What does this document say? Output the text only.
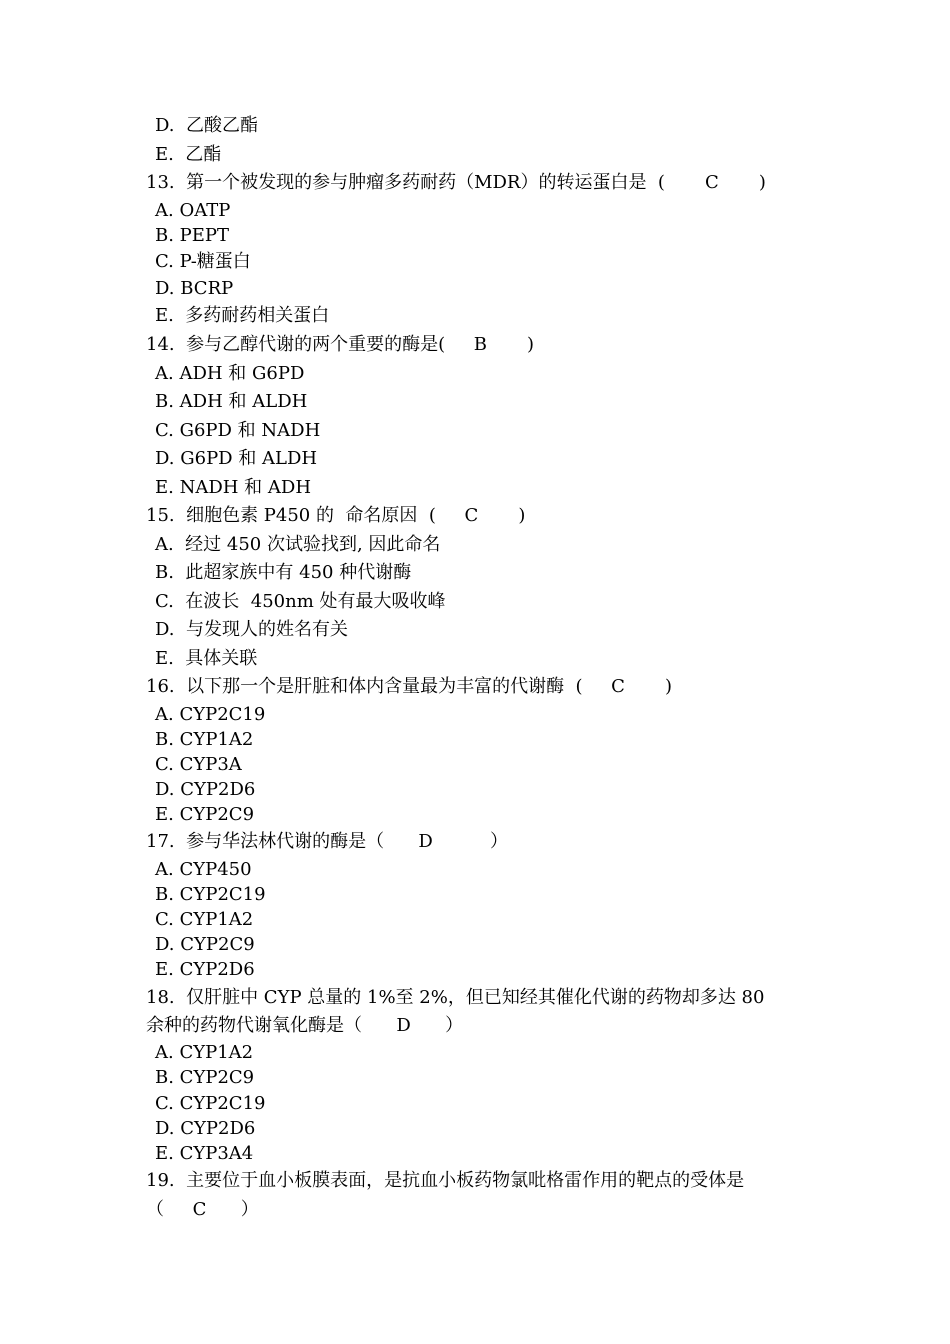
D.  乙酸乙酯
E.  乙酯
13.  第一个被发现的参与肿瘤多药耐药（MDR）的转运蛋白是  (       C       )
A. OATP
B. PEPT
C. P-糖蛋白
D. BCRP
E.  多药耐药相关蛋白
14.  参与乙醇代谢的两个重要的酶是(     B       )
A. ADH 和 G6PD
B. ADH 和 ALDH
C. G6PD 和 NADH
D. G6PD 和 ALDH
E. NADH 和 ADH
15.  细胞色素 P450 的  命名原因  (     C       )
A.  经过 450 次试验找到, 因此命名
B.  此超家族中有 450 种代谢酶
C.  在波长  450nm 处有最大吸收峰
D.  与发现人的姓名有关
E.  具体关联
16.  以下那一个是肝脏和体内含量最为丰富的代谢酶  (     C       )
A. CYP2C19
B. CYP1A2
C. CYP3A
D. CYP2D6
E. CYP2C9
17.  参与华法林代谢的酶是（      D          ）
A. CYP450
B. CYP2C19
C. CYP1A2
D. CYP2C9
E. CYP2D6
18.  仅肝脏中 CYP 总量的 1%至 2%，但已知经其催化代谢的药物却多达 80
余种的药物代谢氧化酶是（      D      ）
A. CYP1A2
B. CYP2C9
C. CYP2C19
D. CYP2D6
E. CYP3A4
19.  主要位于血小板膜表面，是抗血小板药物氯吡格雷作用的靶点的受体是
（     C      ）
